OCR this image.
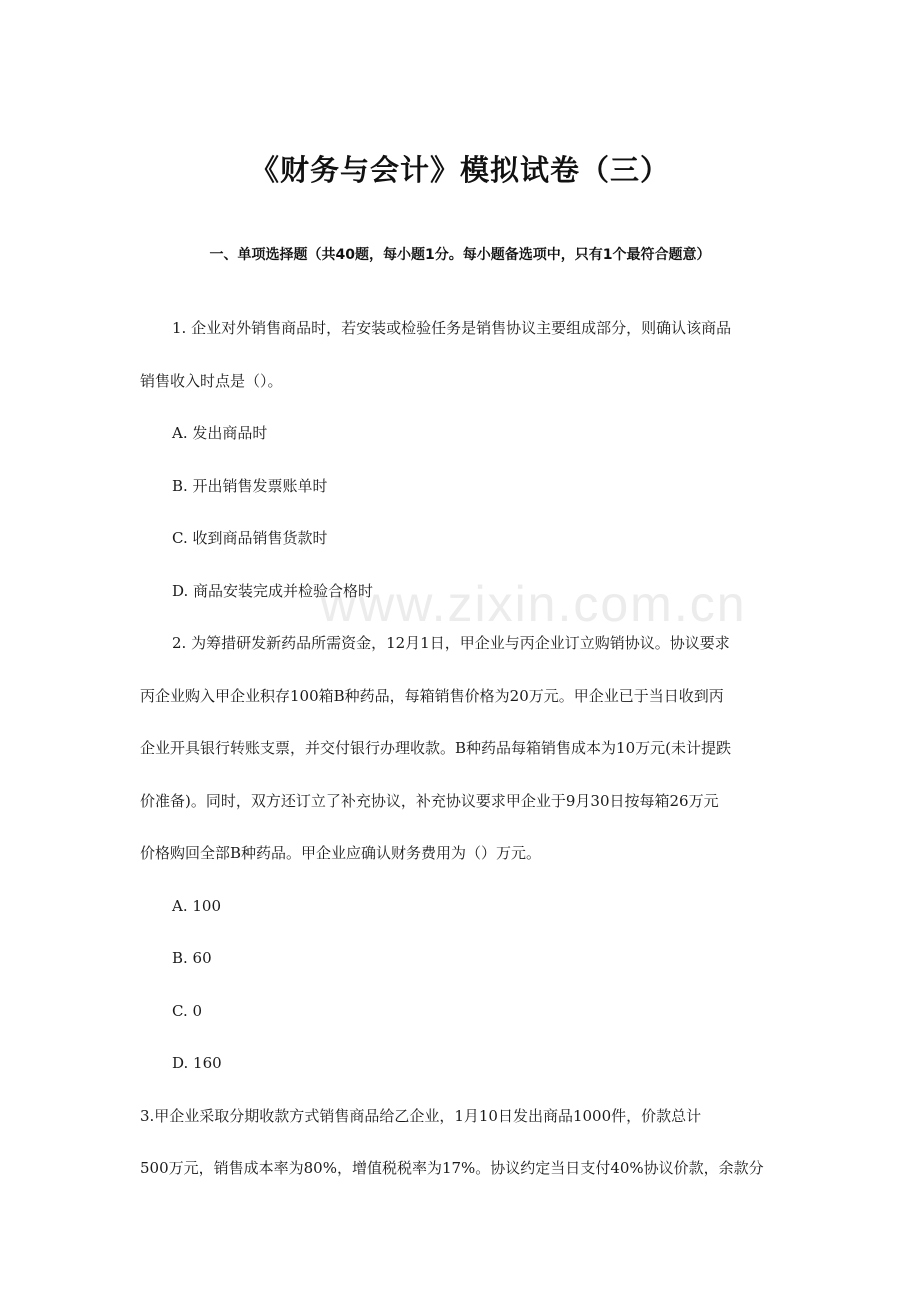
www.zixin.com.cn
《财务与会计》模拟试卷（三）
一、单项选择题（共40题，每小题1分。每小题备选项中，只有1个最符合题意）
1. 企业对外销售商品时，若安装或检验任务是销售协议主要组成部分，则确认该商品
销售收入时点是（）。
A. 发出商品时
B. 开出销售发票账单时
C. 收到商品销售货款时
D. 商品安装完成并检验合格时
2. 为筹措研发新药品所需资金，12月1日，甲企业与丙企业订立购销协议。协议要求
丙企业购入甲企业积存100箱B种药品，每箱销售价格为20万元。甲企业已于当日收到丙
企业开具银行转账支票，并交付银行办理收款。B种药品每箱销售成本为10万元(未计提跌
价准备)。同时，双方还订立了补充协议，补充协议要求甲企业于9月30日按每箱26万元
价格购回全部B种药品。甲企业应确认财务费用为（）万元。
A. 100
B. 60
C. 0
D. 160
3.甲企业采取分期收款方式销售商品给乙企业，1月10日发出商品1000件，价款总计
500万元，销售成本率为80%，增值税税率为17%。协议约定当日支付40%协议价款，余款分
